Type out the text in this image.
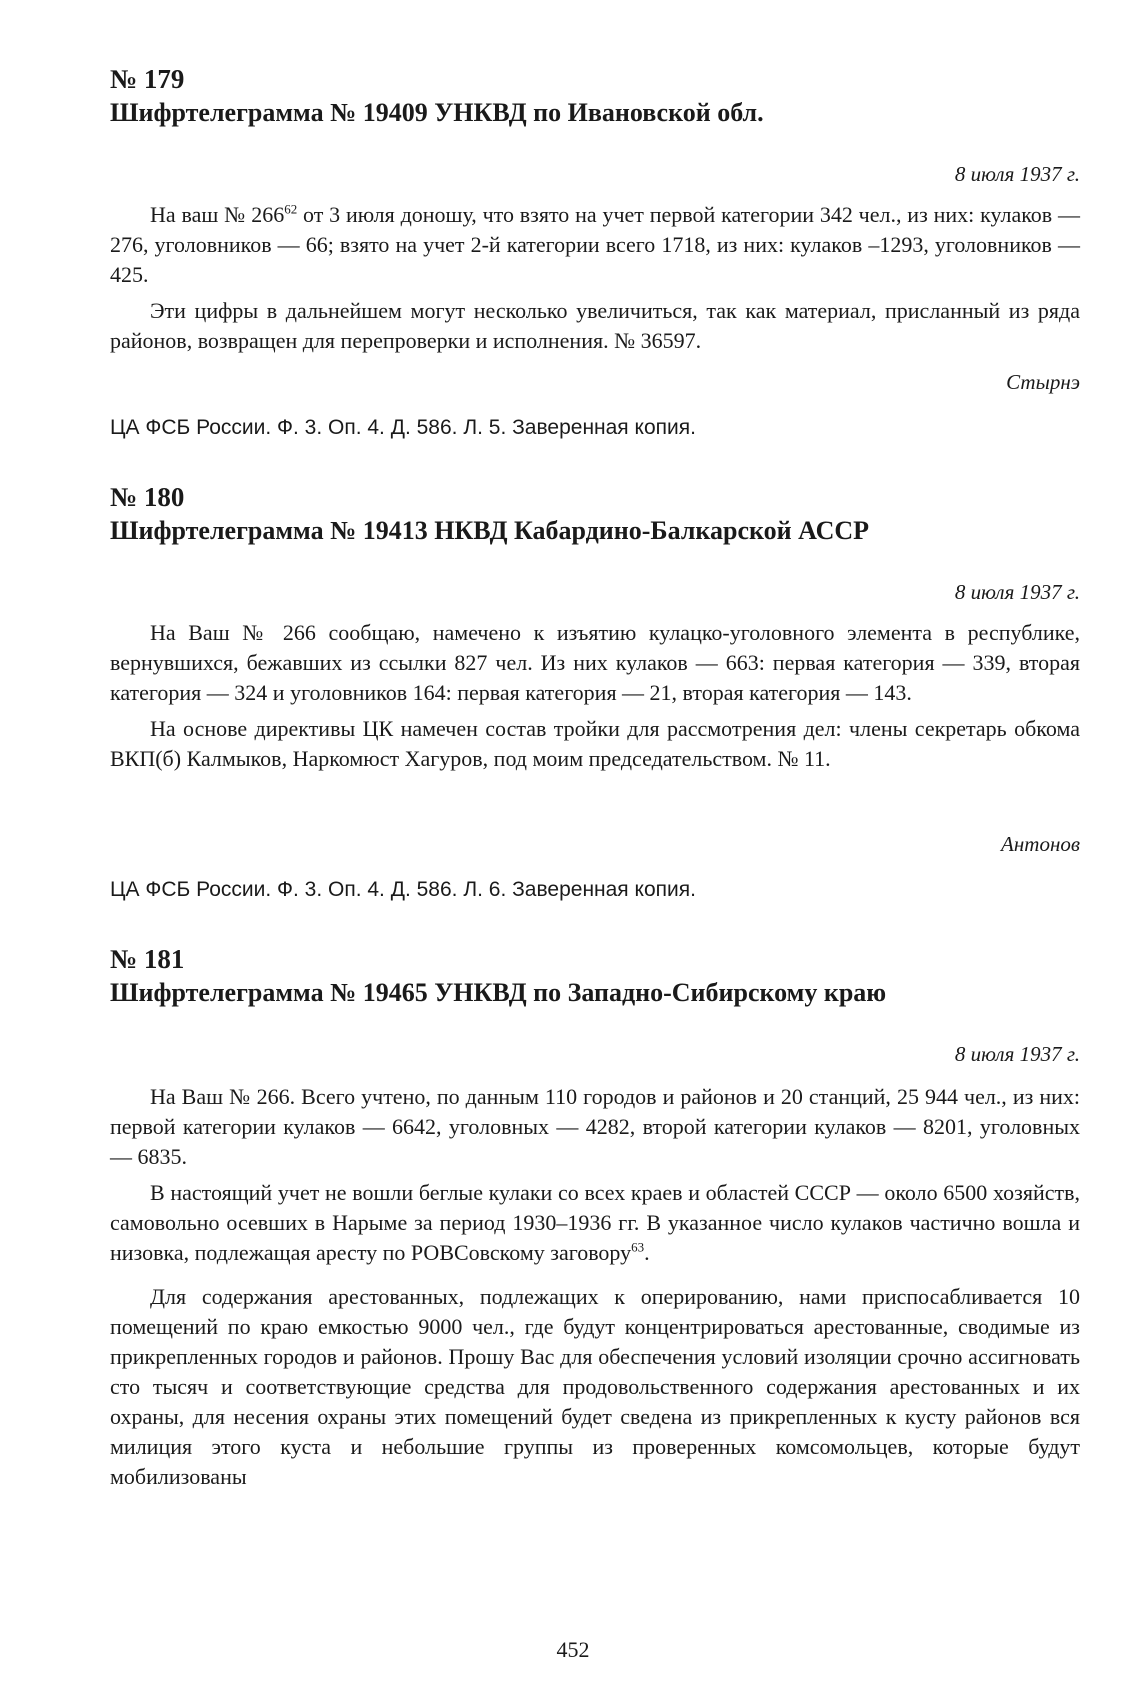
№ 179
Шифртелеграмма № 19409 УНКВД по Ивановской обл.
8 июля 1937 г.

На ваш № $266^{62}$ от 3 июля доношу, что взято на учет первой категории 342 чел., из них: кулаков — 276, уголовников — 66; взято на учет 2-й категории всего 1718, из них: кулаков –1293, уголовников — 425.

Эти цифры в дальнейшем могут несколько увеличиться, так как материал, присланный из ряда районов, возвращен для перепроверки и исполнения. № 36597.

Стырнэ
ЦА ФСБ России. Ф. 3. Оп. 4. Д. 586. Л. 5. Заверенная копия.
№ 180
Шифртелеграмма № 19413 НКВД Кабардино-Балкарской АССР
8 июля 1937 г.

На Ваш № 266 сообщаю, намечено к изъятию кулацко-уголовного элемента в республике, вернувшихся, бежавших из ссылки 827 чел. Из них кулаков — 663: первая категория — 339, вторая категория — 324 и уголовников 164: первая категория — 21, вторая категория — 143.

На основе директивы ЦК намечен состав тройки для рассмотрения дел: члены секретарь обкома ВКП(б) Калмыков, Наркомюст Хагуров, под моим председательством. № 11.

Антонов
ЦА ФСБ России. Ф. 3. Оп. 4. Д. 586. Л. 6. Заверенная копия.
№ 181
Шифртелеграмма № 19465 УНКВД по Западно-Сибирскому краю
8 июля 1937 г.

На Ваш № 266. Всего учтено, по данным 110 городов и районов и 20 станций, 25 944 чел., из них: первой категории кулаков — 6642, уголовных — 4282, второй категории кулаков — 8201, уголовных — 6835.

В настоящий учет не вошли беглые кулаки со всех краев и областей СССР — около 6500 хозяйств, самовольно осевших в Нарыме за период 1930–1936 гг. В указанное число кулаков частично вошла и низовка, подлежащая аресту по РОВСовскому заговору$^{63}$.

Для содержания арестованных, подлежащих к оперированию, нами приспосабливается 10 помещений по краю емкостью 9000 чел., где будут концентрироваться арестованные, сводимые из прикрепленных городов и районов. Прошу Вас для обеспечения условий изоляции срочно ассигновать сто тысяч и соответствующие средства для продовольственного содержания арестованных и их охраны, для несения охраны этих помещений будет сведена из прикрепленных к кусту районов вся милиция этого куста и небольшие группы из проверенных комсомольцев, которые будут мобилизованы

452
